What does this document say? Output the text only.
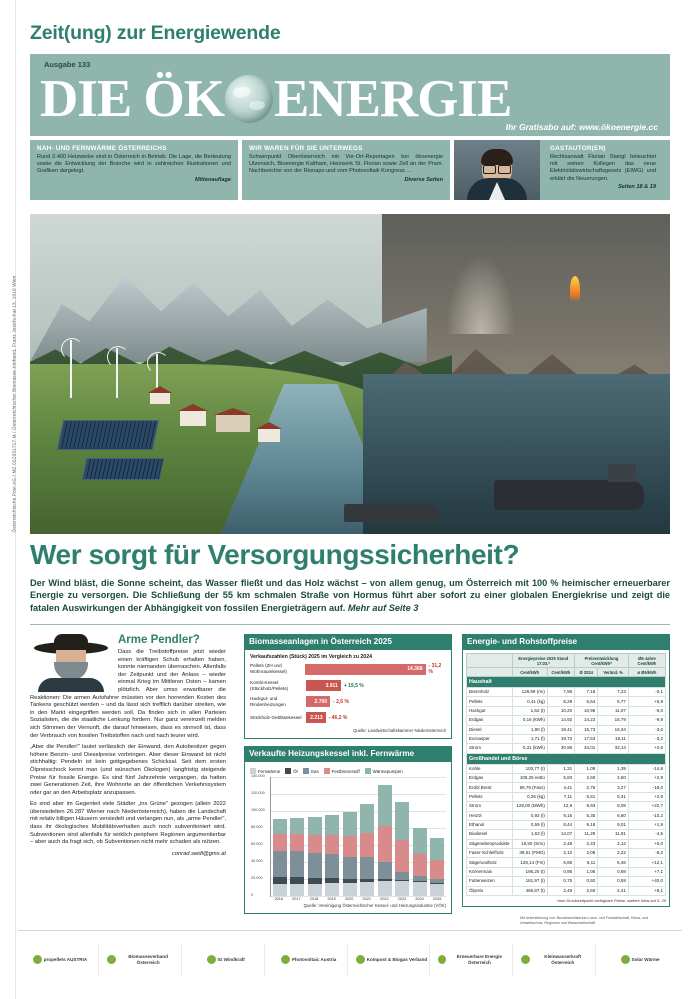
Österreichische Post AG / MZ 02Z031717 M / Österreichischer Biomasse-Verband, Franz Josefs-Kai 13, 1010 Wien
Zeit(ung) zur Energiewende
Ausgabe 133
DIE ÖK ENERGIE
Ihr Gratisabo auf: www.ökoenergie.cc
NAH- UND FERNWÄRME ÖSTERREICHS

Rund 2.400 Heizwerke sind in Österreich in Betrieb. Die Lage, die Bedeutung sowie die Entwicklung der Branche wird in zahlreichen Illustrationen und Grafiken dargelegt.

Mittenauflage
WIR WAREN FÜR SIE UNTERWEGS

Schwerpunkt Oberösterreich mit Vor-Ort-Reportagen bei ökoenergie Utzenaich, Bioenergie Kaltham, Heizwerk St. Florian sowie Zell an der Pram. Nachberichte von der Rionapo und vom Photovoltaik Kongress ...

Diverse Seiten
GASTAUTOR(EN)

Rechtsanwalt Florian Stangl beleuchtet mit seinen Kollegen das neue Elektrizitätswirtschaftsgesetz (EIWG) und erklärt die Neuerungen.

Seiten 18 & 19
Wer sorgt für Versorgungssicherheit?
Der Wind bläst, die Sonne scheint, das Wasser fließt und das Holz wächst – von allem genug, um Österreich mit 100 % heimischer erneuerbarer Energie zu versorgen. Die Schließung der 55 km schmalen Straße von Hormus führt aber sofort zu einer globalen Energiekrise und zeigt die fatalen Auswirkungen der Abhängigkeit von fossilen Energieträgern auf. Mehr auf Seite 3
Arme Pendler?

Dass die Treibstoffpreise jetzt wieder einen kräftigen Schub erhalten haben, konnte niemanden überraschen. Allenfalls der Zeitpunkt und der Anlass – wieder einmal Krieg im Mittleren Osten – kamen plötzlich. Aber umso erwartbarer die Reaktionen: Die armen Autofahrer müssten vor den horrenden Kosten des Tankens geschützt werden – und da lässt sich trefflich darüber streiten, wie in den Markt eingegriffen werden soll. Da finden sich in allen Parteien Sozialisten, die die staatliche Lenkung fordern. Nur ganz vereinzelt melden sich Stimmen der Vernunft, die darauf hinweisen, dass es sinnvoll ist, dass der Verbrauch von fossilen Treibstoffen nach und nach teurer wird.

„Aber die Pendler!" lautet verlässlich der Einwand, den Autobesitzer gegen höhere Benzin- und Dieselpreise vorbringen. Aber dieser Einwand ist nicht stichhaltig: Pendeln ist kein gottgegebenes Schicksal. Seit dem ersten Ölpreisschock kennt man (und wünschen Ökologen) langfristig steigende Preise für fossile Energie. Es sind fünf Jahrzehnte vergangen, da hatten zwei Generationen Zeit, ihre Wohnorte an der öffentlichen Verkehrssystem oder gar an den Arbeitsplatz anzupassen.

Es sind aber im Gegenteil viele Städter „ins Grüne" gezogen (allein 2022 übersiedelten 26.287 Wiener nach Niederösterreich), haben die Landschaft mit relativ billigen Häusern versiedelt und verlangen nun, als „arme Pendler", dass ihr ökologisches Mobilitätsverhalten auch noch subventioniert wird. Subventionen sind allenfalls für wirklich periphere Regionen argumentierbar – aber auch da fragt sich, ob Subventionen nicht mehr schaden als nützen.

conrad.seidl@gmx.at
Biomasseanlagen in Österreich 2025
Verkaufszahlen (Stück) 2025 im Vergleich zu 2024
Pellets (ZH und Wohnraumkessel)	14.368	- 31,2 %
Kombi-Kessel (Stückholz/Pellets)	3.911	+ 19,5 %
Hackgut- und Rindenheizungen	2.700	- 2,6 %
Stückholz-Gebläsekessel	2.213	- 46,2 %
Quelle: Landwirtschaftskammer Niederösterreich
Verkaufte Heizungskessel inkl. Fernwärme
Fernwärme	Öl	Gas	Festbrennstoff	Wärmepumpen
140.000
120.000
100.000
80.000
60.000
40.000
20.000
0
2016	2017	2018	2019	2020	2021	2022	2023	2024	2025
Quelle: Vereinigung Österreichischer Kessel- und Heizungsindustrie (VÖK)
Energie- und Rohstoffpreise
	Energiepreise 2025 Stand 17.03.*		Preisentwicklung Cent/kWh*		Ø5-Jahre Cent/kWh
	Cent/kWh	Cent/kWh	Ø 2024	Veränd. %	ø Ø5/kWh
Haushalt					
Brennholz	128,99 (rm)	7,96	7,16	7,23	-0,1
Pellets	0,41 (kg)	8,29	6,64	6,77	+5,9
Hackgut	1,62 (t)	10,20	10,96	11,07	-6,0
Erdgas	0,16 (kWh)	14,92	14,22	15,79	-9,9
Diesel	1,90 (l)	19,41	15,73	16,34	-3,6
Euroasper	1,71 (l)	19,72	17,53	19,11	-3,2
Strom	0,31 (kWh)	30,96	34,01	33,14	+2,6
Großhandel und Börse					
Kohle	103,77 (t)	1,31	1,09	1,39	-14,8
Erdgas	105,25 netto	5,83	2,60	2,50	+2,9
Erdöl Brent	96,79 (Fass)	4,41	2,76	3,27	-18,0
Pellets	0,35 (kg)	7,11	6,51	5,31	+2,9
Strom	129,00 (MWh)	12,9	9,93	8,09	+22,7
Heizöl	0,92 (l)	9,16	5,35	6,60	-10,2
Ethanol	0,59 (l)	8,44	9,18	9,01	+1,9
Biodiesel	1,63 (l)	14,07	11,29	11,91	-4,5
Sägenebenprodukte	18,50 (Srm)	2,48	2,23	2,12	+5,0
Faser-Schleifholz	39,51 (FMO)	2,12	2,08	2,22	-6,2
Sägerundholz	128,14 (Fm)	6,88	6,11	5,46	+12,1
Körnermais	196,20 (t)	0,95	1,06	0,98	+7,1
Futterweizen	181,97 (t)	0,75	0,92	0,59	+40,0
Ölpreis	466,67 (t)	2,48	2,60	2,41	+8,1
*zum Drucktzeitpunkt verfügbare Preise, weitere Infos auf S. 20
Mit Unterstützung von: Bundesministerium Land- und Forstwirtschaft, Klima- und Umweltschutz, Regionen und Wasserwirtschaft
propellets AUSTRIA
Biomasseverband Österreich
IG Windkraft	Photovoltaic Austria	Kompost & Biogas Verband
Erneuerbare Energie Österreich
Kleinwasserkraft Österreich
Solar Wärme
